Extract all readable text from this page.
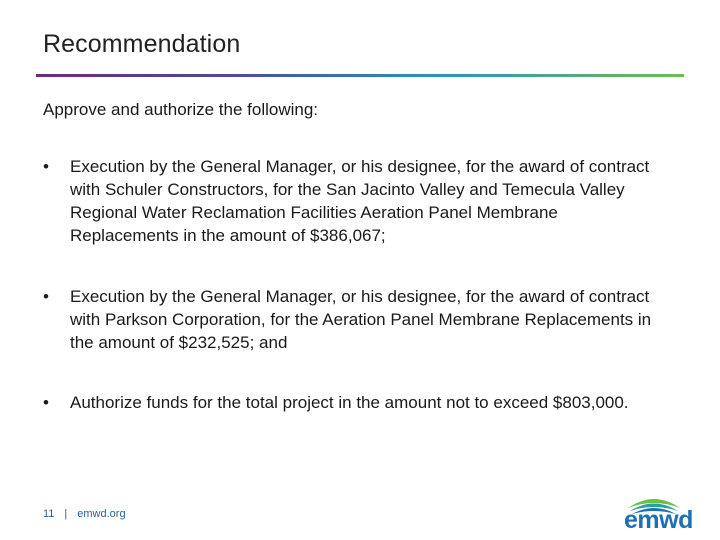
Recommendation
Approve and authorize the following:
•	Execution by the General Manager, or his designee, for the award of contract with Schuler Constructors, for the San Jacinto Valley and Temecula Valley Regional Water Reclamation Facilities Aeration Panel Membrane Replacements in the amount of $386,067;
•	Execution by the General Manager, or his designee, for the award of contract with Parkson Corporation, for the Aeration Panel Membrane Replacements in the amount of $232,525; and
•	Authorize funds for the total project in the amount not to exceed $803,000.
11 | emwd.org	emwd
